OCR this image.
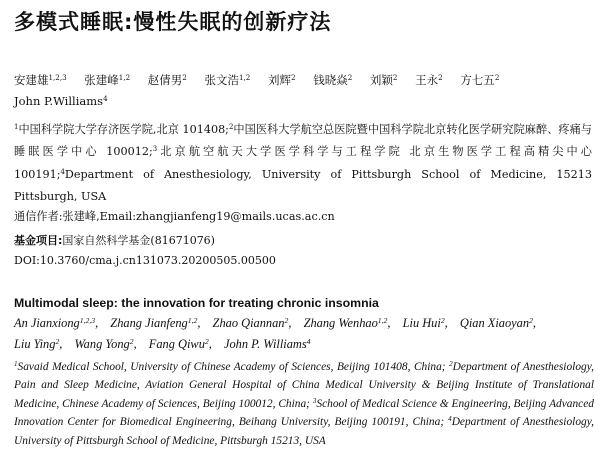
多模式睡眠:慢性失眠的创新疗法
安建雄$^{1,2,3}$ 张建峰$^{1,2}$ 赵倩男$^2$ 张文浩$^{1,2}$ 刘辉$^2$ 钱晓焱$^2$ 刘颖$^2$ 王永$^2$ 方七五$^2$ John P.Williams$^4$
$^1$中国科学院大学存济医学院,北京 101408;$^2$中国医科大学航空总医院暨中国科学院北京转化医学研究院麻醉、疼痛与睡眠医学中心 100012;$^3$北京航空航天大学医学科学与工程学院 北京生物医学工程高精尖中心 100191;$^4$Department of Anesthesiology, University of Pittsburgh School of Medicine, 15213 Pittsburgh, USA
通信作者:张建峰,Email:zhangjianfeng19@mails.ucas.ac.cn
基金项目:国家自然科学基金(81671076)
DOI:10.3760/cma.j.cn131073.20200505.00500
Multimodal sleep: the innovation for treating chronic insomnia
An Jianxiong$^{1,2,3}$, Zhang Jianfeng$^{1,2}$, Zhao Qiannan$^2$, Zhang Wenhao$^{1,2}$, Liu Hui$^2$, Qian Xiaoyan$^2$, Liu Ying$^2$, Wang Yong$^2$, Fang Qiwu$^2$, John P. Williams$^4$
$^1$Savaid Medical School, University of Chinese Academy of Sciences, Beijing 101408, China; $^2$Department of Anesthesiology, Pain and Sleep Medicine, Aviation General Hospital of China Medical University & Beijing Institute of Translational Medicine, Chinese Academy of Sciences, Beijing 100012, China; $^3$School of Medical Science & Engineering, Beijing Advanced Innovation Center for Biomedical Engineering, Beihang University, Beijing 100191, China; $^4$Department of Anesthesiology, University of Pittsburgh School of Medicine, Pittsburgh 15213, USA
